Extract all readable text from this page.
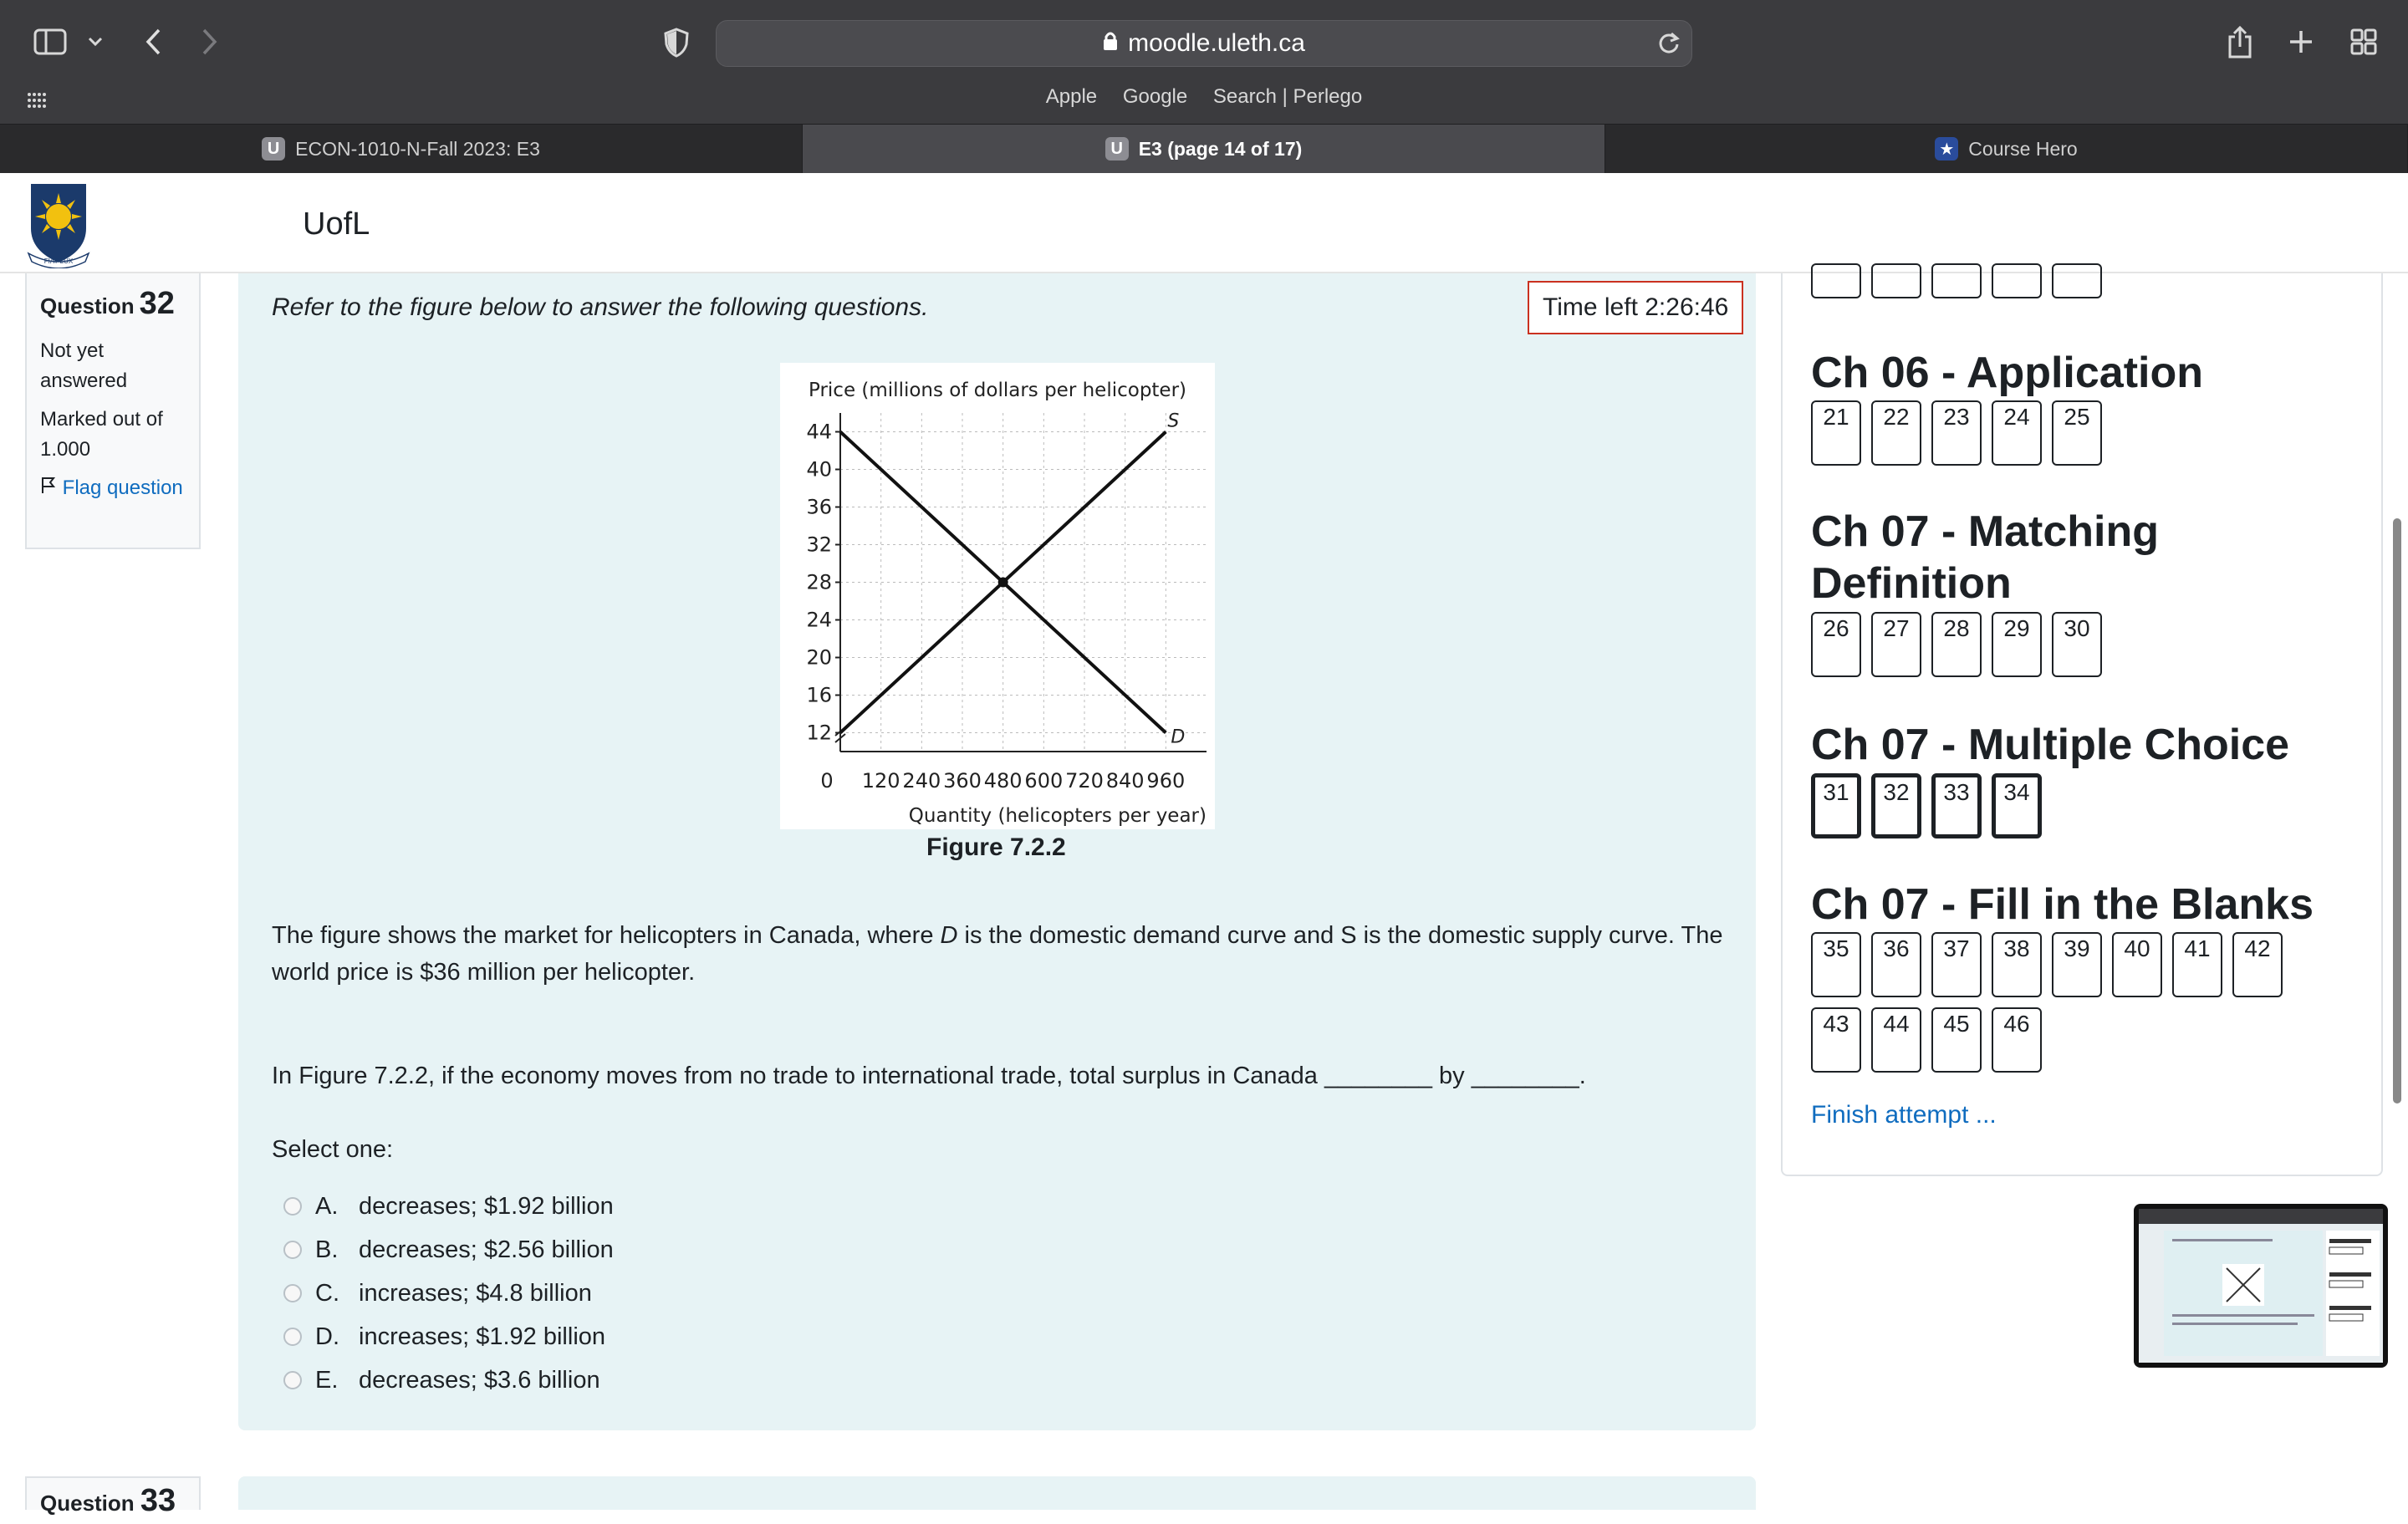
moodle.uleth.ca
Apple Google Search | Perlego
U ECON-1010-N-Fall 2023: E3	U E3 (page 14 of 17)	★ Course Hero
FIAT LUX
UofL
Question 32

Not yet answered

Marked out of 1.000

Flag question

Refer to the figure below to answer the following questions.	Time left 2:26:46
12
16
20
24
28
32
36
40
44
0 120 240 360 480 600 720 840 960
S
D
Price (millions of dollars per helicopter)
Quantity (helicopters per year)
Figure 7.2.2
The figure shows the market for helicopters in Canada, where D is the domestic demand curve and S is the domestic supply curve. The world price is $36 million per helicopter.
In Figure 7.2.2, if the economy moves from no trade to international trade, total surplus in Canada ________ by ________.
Select one:
A. decreases; $1.92 billion
B. decreases; $2.56 billion
C. increases; $4.8 billion
D. increases; $1.92 billion
E. decreases; $3.6 billion
Question 33
Ch 06 - Application
21	22	23	24	25
Ch 07 - Matching Definition
26	27	28	29	30
Ch 07 - Multiple Choice
31	32	33	34
Ch 07 - Fill in the Blanks
35	36	37	38	39	40	41	42
43	44	45	46
Finish attempt ...
